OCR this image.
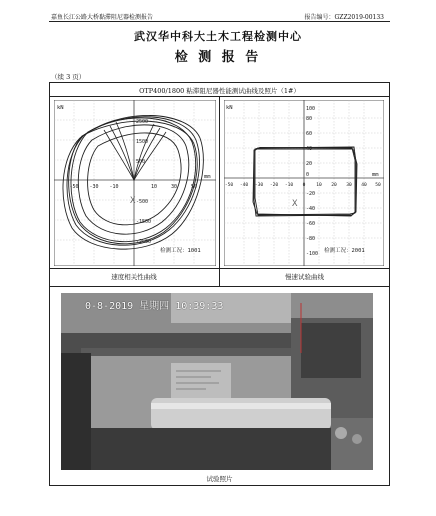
嘉鱼长江公路大桥黏滞阻尼器检测报告	报告编号：GZZ2019-00133
武汉华中科大土木工程检测中心
检 测 报 告
（续 3 页）
OTP400/1800 粘滞阻尼器性能测试曲线及照片（1#）
kN
mm
2500
1500
500
-500
-1500
-2500
-50 -30 -10	10	30	50
X
检测工况：1001
速度相关性曲线
kN
mm
100
80
60
40
20
0
-20
-40
-60
-80
-100
-50 -40 -30 -20 -10 0 10 20 30 40 50
X
检测工况：2001
慢速试验曲线
0-8-2019 星期四 10:39:33
试验照片
